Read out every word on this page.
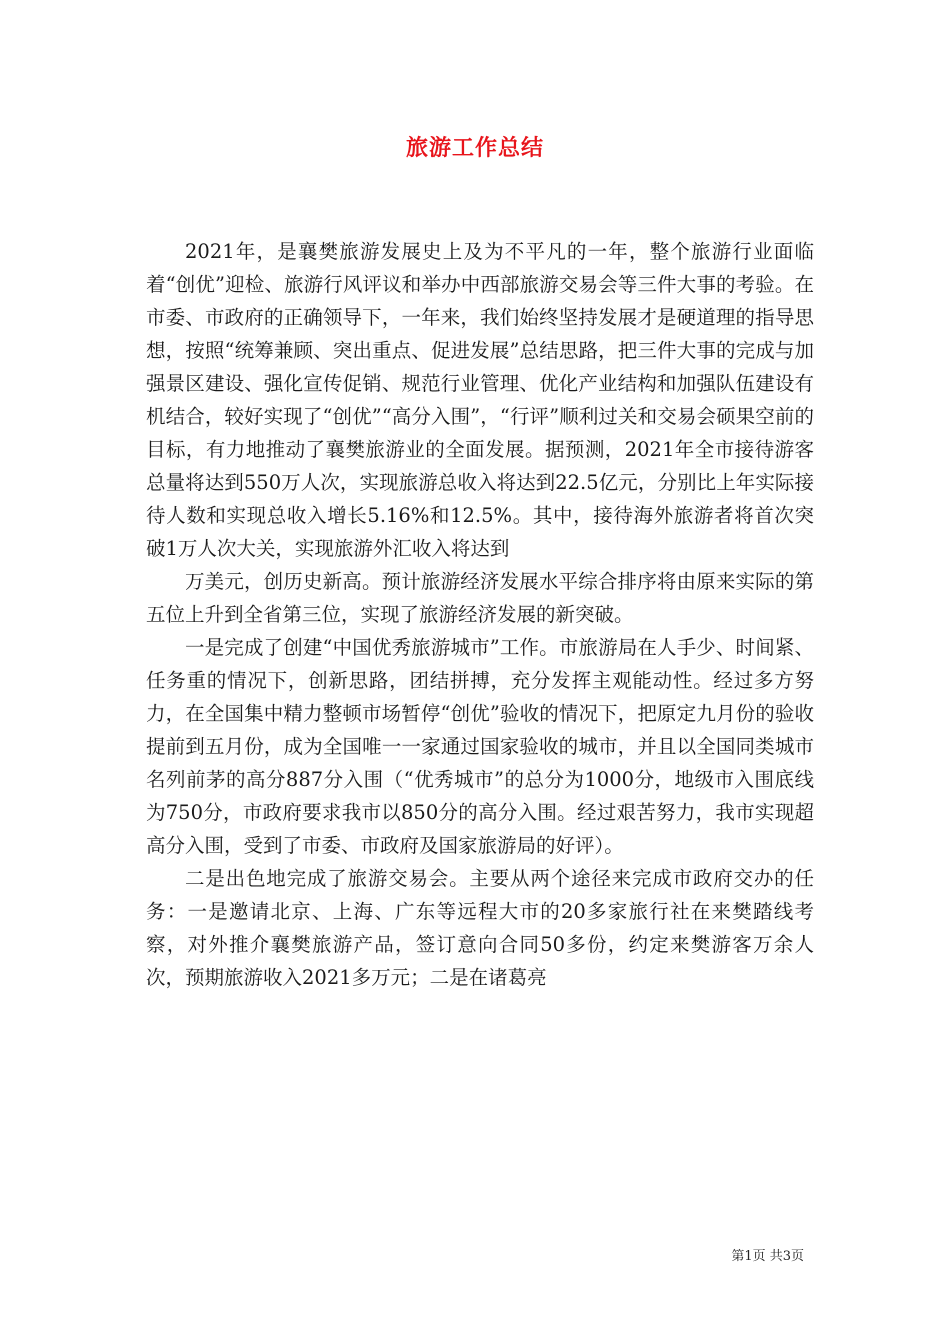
旅游工作总结

2021年，是襄樊旅游发展史上及为不平凡的一年，整个旅游行业面临着“创优”迎检、旅游行风评议和举办中西部旅游交易会等三件大事的考验。在市委、市政府的正确领导下，一年来，我们始终坚持发展才是硬道理的指导思想，按照“统筹兼顾、突出重点、促进发展”总结思路，把三件大事的完成与加强景区建设、强化宣传促销、规范行业管理、优化产业结构和加强队伍建设有机结合，较好实现了“创优”“高分入围”，“行评”顺利过关和交易会硕果空前的目标，有力地推动了襄樊旅游业的全面发展。据预测，2021年全市接待游客总量将达到550万人次，实现旅游总收入将达到22.5亿元，分别比上年实际接待人数和实现总收入增长5.16%和12.5%。其中，接待海外旅游者将首次突破1万人次大关，实现旅游外汇收入将达到

万美元，创历史新高。预计旅游经济发展水平综合排序将由原来实际的第五位上升到全省第三位，实现了旅游经济发展的新突破。

一是完成了创建“中国优秀旅游城市”工作。市旅游局在人手少、时间紧、任务重的情况下，创新思路，团结拼搏，充分发挥主观能动性。经过多方努力，在全国集中精力整顿市场暂停“创优”验收的情况下，把原定九月份的验收提前到五月份，成为全国唯一一家通过国家验收的城市，并且以全国同类城市名列前茅的高分887分入围（“优秀城市”的总分为1000分，地级市入围底线为750分，市政府要求我市以850分的高分入围。经过艰苦努力，我市实现超高分入围，受到了市委、市政府及国家旅游局的好评）。

二是出色地完成了旅游交易会。主要从两个途径来完成市政府交办的任务：一是邀请北京、上海、广东等远程大市的20多家旅行社在来樊踏线考察，对外推介襄樊旅游产品，签订意向合同50多份，约定来樊游客万余人次，预期旅游收入2021多万元；二是在诸葛亮

第1页 共3页
